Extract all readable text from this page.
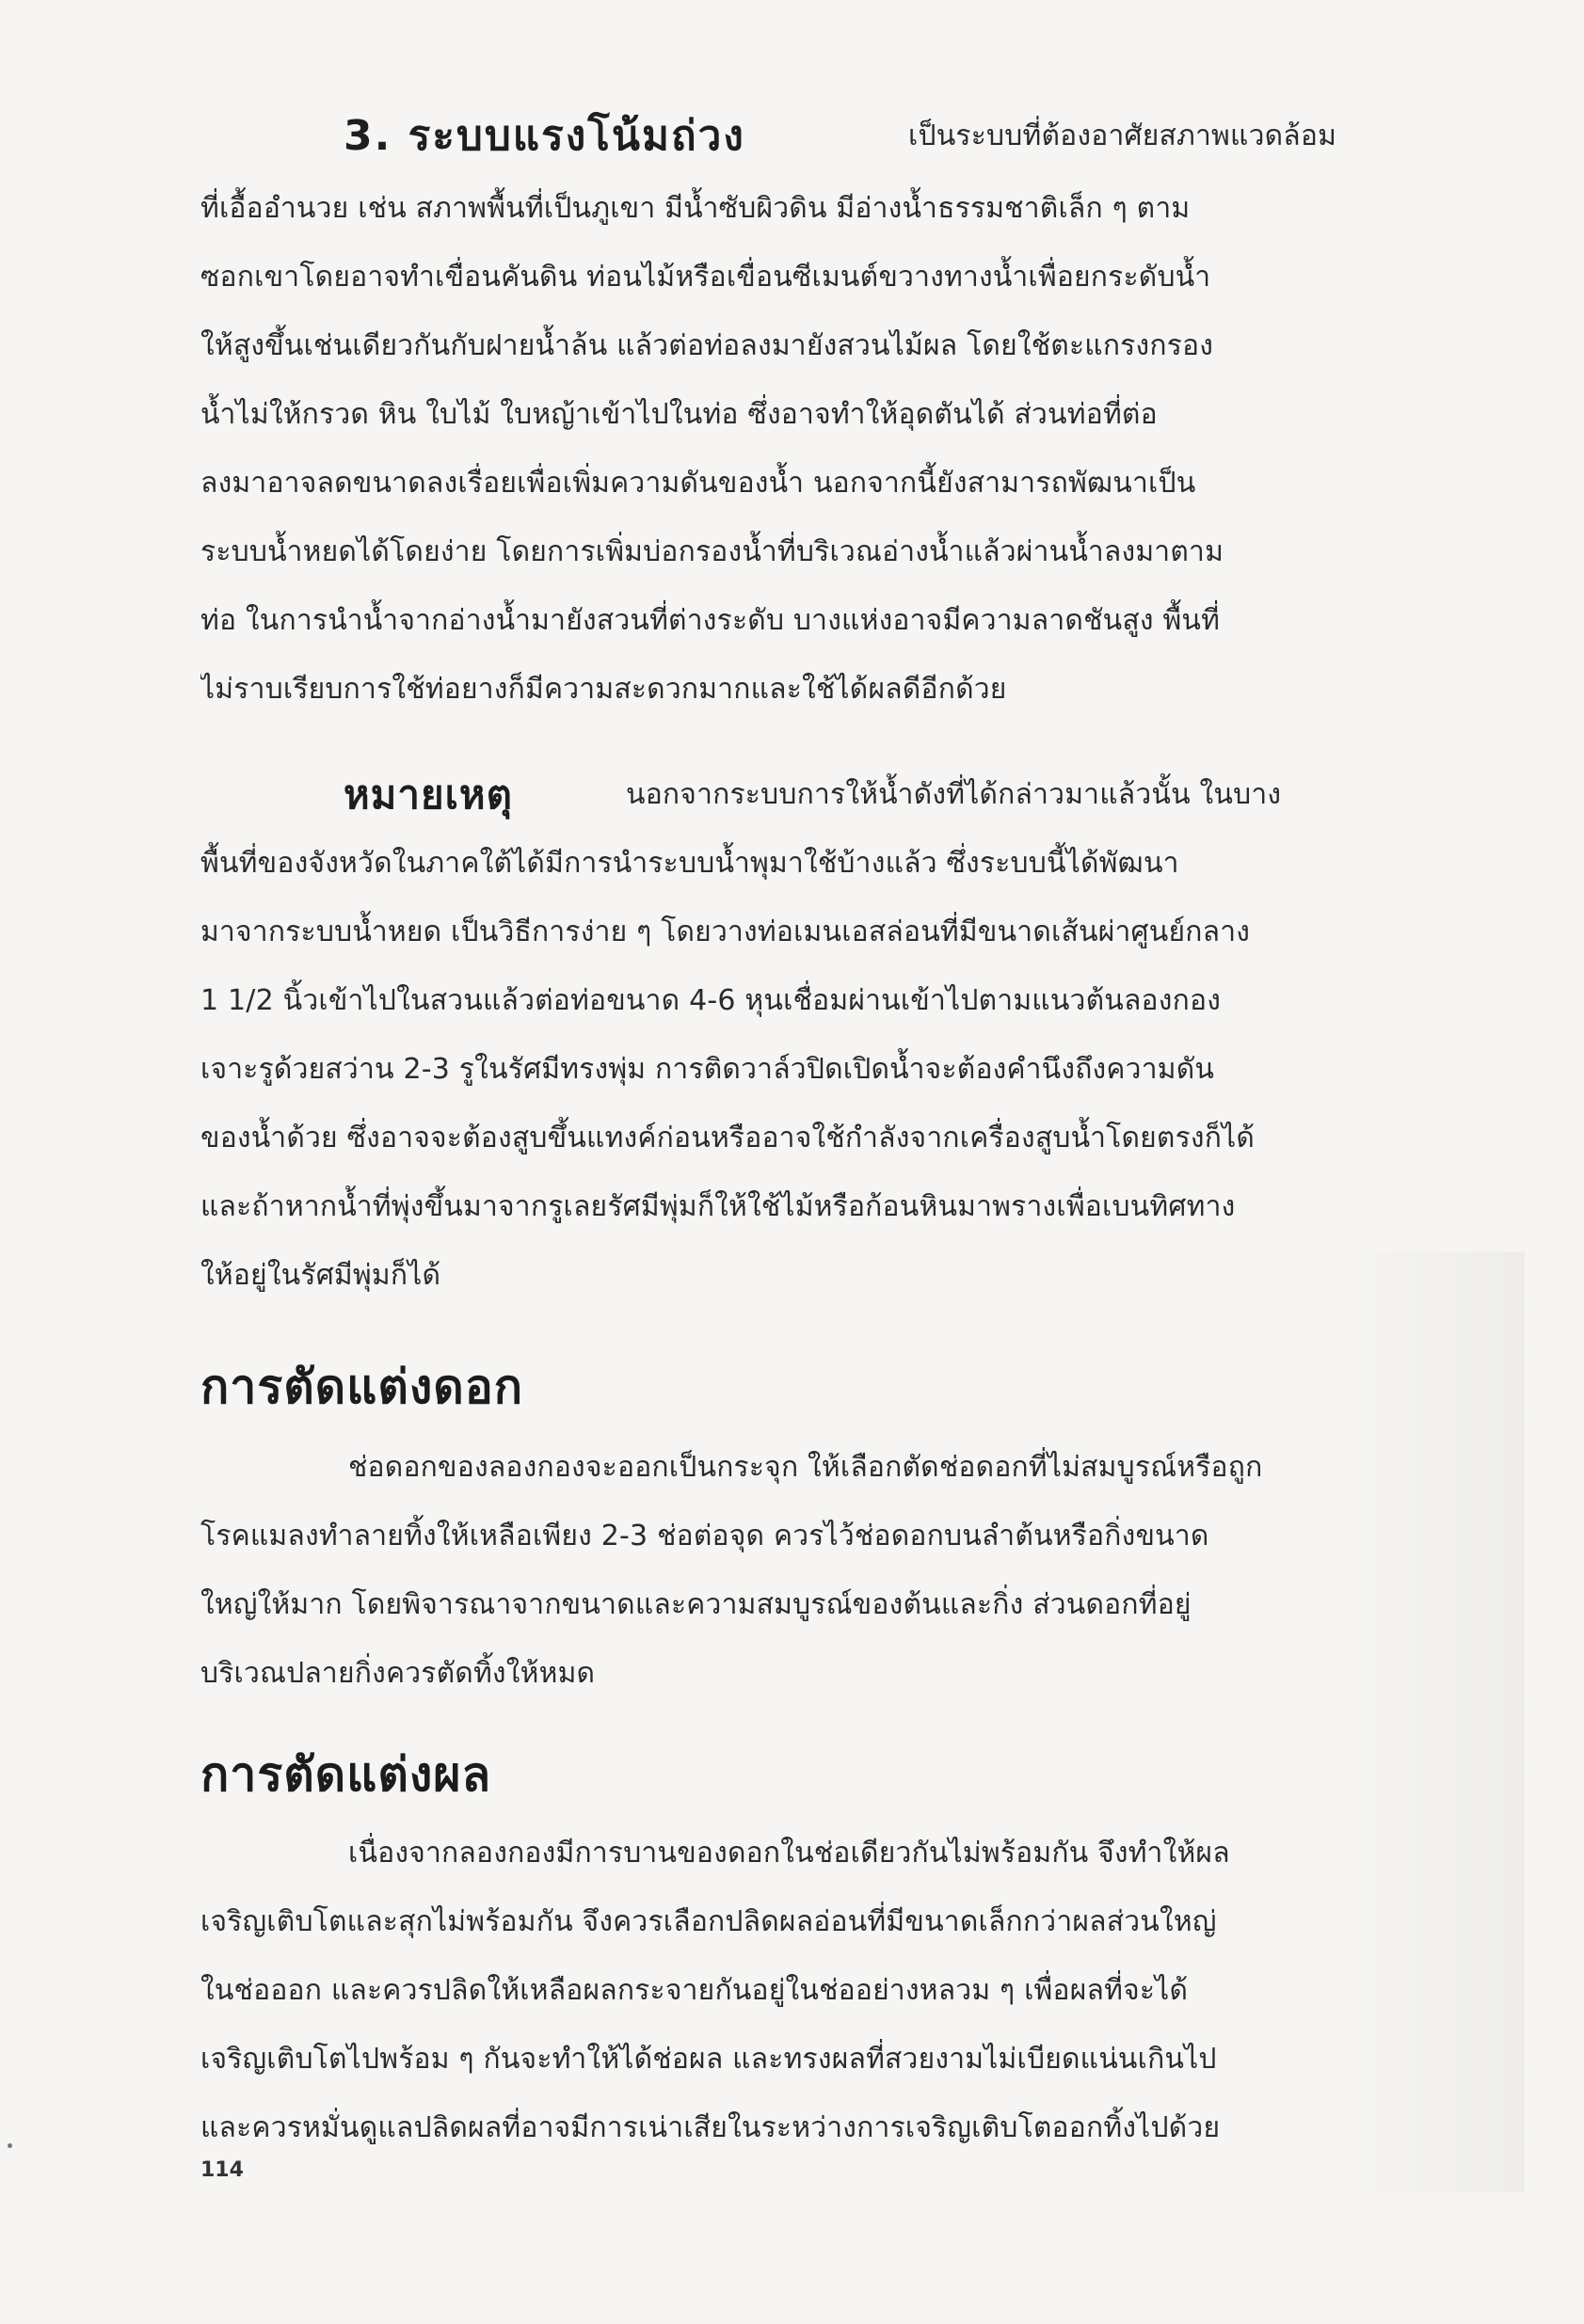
3. ระบบแรงโน้มถ่วง	เป็นระบบที่ต้องอาศัยสภาพแวดล้อม
ที่เอื้ออำนวย เช่น สภาพพื้นที่เป็นภูเขา มีน้ำซับผิวดิน มีอ่างน้ำธรรมชาติเล็ก ๆ ตาม
ซอกเขาโดยอาจทำเขื่อนคันดิน ท่อนไม้หรือเขื่อนซีเมนต์ขวางทางน้ำเพื่อยกระดับน้ำ
ให้สูงขึ้นเช่นเดียวกันกับฝายน้ำล้น แล้วต่อท่อลงมายังสวนไม้ผล โดยใช้ตะแกรงกรอง
น้ำไม่ให้กรวด หิน ใบไม้ ใบหญ้าเข้าไปในท่อ ซึ่งอาจทำให้อุดตันได้ ส่วนท่อที่ต่อ
ลงมาอาจลดขนาดลงเรื่อยเพื่อเพิ่มความดันของน้ำ นอกจากนี้ยังสามารถพัฒนาเป็น
ระบบน้ำหยดได้โดยง่าย โดยการเพิ่มบ่อกรองน้ำที่บริเวณอ่างน้ำแล้วผ่านน้ำลงมาตาม
ท่อ ในการนำน้ำจากอ่างน้ำมายังสวนที่ต่างระดับ บางแห่งอาจมีความลาดชันสูง พื้นที่
ไม่ราบเรียบการใช้ท่อยางก็มีความสะดวกมากและใช้ได้ผลดีอีกด้วย
หมายเหตุ	นอกจากระบบการให้น้ำดังที่ได้กล่าวมาแล้วนั้น ในบาง
พื้นที่ของจังหวัดในภาคใต้ได้มีการนำระบบน้ำพุมาใช้บ้างแล้ว ซึ่งระบบนี้ได้พัฒนา
มาจากระบบน้ำหยด เป็นวิธีการง่าย ๆ โดยวางท่อเมนเอสล่อนที่มีขนาดเส้นผ่าศูนย์กลาง
1 1/2 นิ้วเข้าไปในสวนแล้วต่อท่อขนาด 4-6 หุนเชื่อมผ่านเข้าไปตามแนวต้นลองกอง
เจาะรูด้วยสว่าน 2-3 รูในรัศมีทรงพุ่ม การติดวาล์วปิดเปิดน้ำจะต้องคำนึงถึงความดัน
ของน้ำด้วย ซึ่งอาจจะต้องสูบขึ้นแทงค์ก่อนหรืออาจใช้กำลังจากเครื่องสูบน้ำโดยตรงก็ได้
และถ้าหากน้ำที่พุ่งขึ้นมาจากรูเลยรัศมีพุ่มก็ให้ใช้ไม้หรือก้อนหินมาพรางเพื่อเบนทิศทาง
ให้อยู่ในรัศมีพุ่มก็ได้
การตัดแต่งดอก
ช่อดอกของลองกองจะออกเป็นกระจุก ให้เลือกตัดช่อดอกที่ไม่สมบูรณ์หรือถูก
โรคแมลงทำลายทิ้งให้เหลือเพียง 2-3 ช่อต่อจุด ควรไว้ช่อดอกบนลำต้นหรือกิ่งขนาด
ใหญ่ให้มาก โดยพิจารณาจากขนาดและความสมบูรณ์ของต้นและกิ่ง ส่วนดอกที่อยู่
บริเวณปลายกิ่งควรตัดทิ้งให้หมด
การตัดแต่งผล
เนื่องจากลองกองมีการบานของดอกในช่อเดียวกันไม่พร้อมกัน จึงทำให้ผล
เจริญเติบโตและสุกไม่พร้อมกัน จึงควรเลือกปลิดผลอ่อนที่มีขนาดเล็กกว่าผลส่วนใหญ่
ในช่อออก และควรปลิดให้เหลือผลกระจายกันอยู่ในช่ออย่างหลวม ๆ เพื่อผลที่จะได้
เจริญเติบโตไปพร้อม ๆ กันจะทำให้ได้ช่อผล และทรงผลที่สวยงามไม่เบียดแน่นเกินไป
และควรหมั่นดูแลปลิดผลที่อาจมีการเน่าเสียในระหว่างการเจริญเติบโตออกทิ้งไปด้วย
114
